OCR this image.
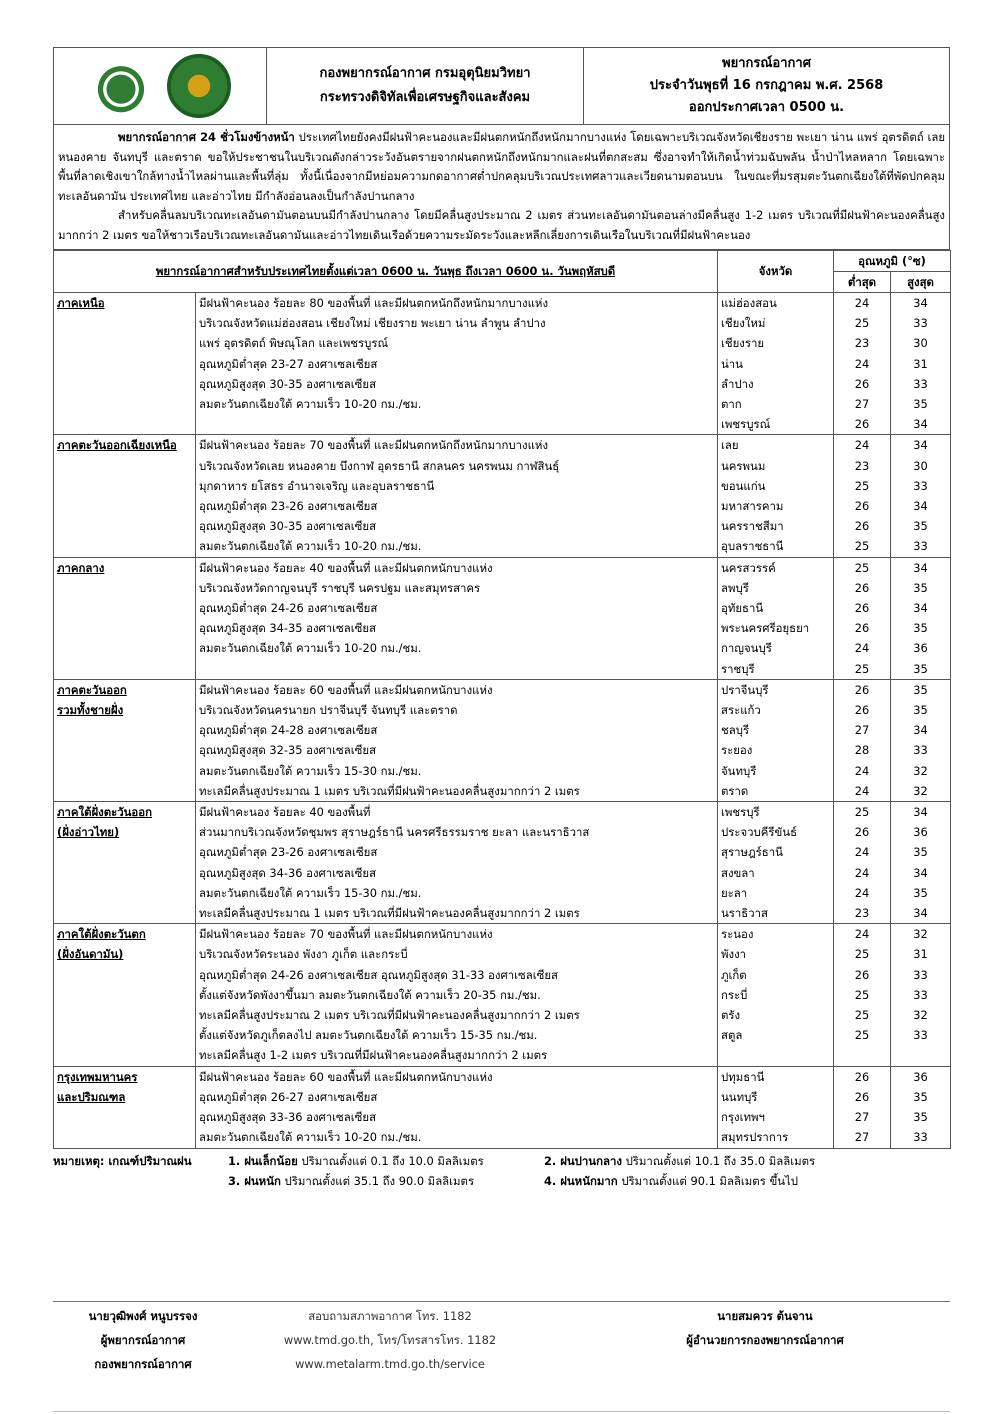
กองพยากรณ์อากาศ กรมอุตุนิยมวิทยา
กระทรวงดิจิทัลเพื่อเศรษฐกิจและสังคม
พยากรณ์อากาศ
ประจำวันพุธที่ 16 กรกฎาคม พ.ศ. 2568
ออกประกาศเวลา 0500 น.

พยากรณ์อากาศ 24 ชั่วโมงข้างหน้า ประเทศไทยยังคงมีฝนฟ้าคะนองและมีฝนตกหนักถึงหนักมากบางแห่ง โดยเฉพาะบริเวณจังหวัดเชียงราย พะเยา น่าน แพร่ อุตรดิตถ์ เลย หนองคาย จันทบุรี และตราด ขอให้ประชาชนในบริเวณดังกล่าวระวังอันตรายจากฝนตกหนักถึงหนักมากและฝนที่ตกสะสม ซึ่งอาจทำให้เกิดน้ำท่วมฉับพลัน น้ำป่าไหลหลาก โดยเฉพาะพื้นที่ลาดเชิงเขาใกล้ทางน้ำไหลผ่านและพื้นที่ลุ่ม ทั้งนี้เนื่องจากมีหย่อมความกดอากาศต่ำปกคลุมบริเวณประเทศลาวและเวียดนามตอนบน ในขณะที่มรสุมตะวันตกเฉียงใต้ที่พัดปกคลุมทะเลอันดามัน ประเทศไทย และอ่าวไทย มีกำลังอ่อนลงเป็นกำลังปานกลาง

สำหรับคลื่นลมบริเวณทะเลอันดามันตอนบนมีกำลังปานกลาง โดยมีคลื่นสูงประมาณ 2 เมตร ส่วนทะเลอันดามันตอนล่างมีคลื่นสูง 1-2 เมตร บริเวณที่มีฝนฟ้าคะนองคลื่นสูงมากกว่า 2 เมตร ขอให้ชาวเรือบริเวณทะเลอันดามันและอ่าวไทยเดินเรือด้วยความระมัดระวังและหลีกเลี่ยงการเดินเรือในบริเวณที่มีฝนฟ้าคะนอง

พยากรณ์อากาศสำหรับประเทศไทยตั้งแต่เวลา 0600 น. วันพุธ ถึงเวลา 0600 น. วันพฤหัสบดี		จังหวัด	อุณหภูมิ (°ซ)	
			ต่ำสุด	สูงสุด
ภาคเหนือ	มีฝนฟ้าคะนอง ร้อยละ 80 ของพื้นที่ และมีฝนตกหนักถึงหนักมากบางแห่ง	แม่ฮ่องสอน	24	34
	บริเวณจังหวัดแม่ฮ่องสอน เชียงใหม่ เชียงราย พะเยา น่าน ลำพูน ลำปาง	เชียงใหม่	25	33
	แพร่ อุตรดิตถ์ พิษณุโลก และเพชรบูรณ์	เชียงราย	23	30
	อุณหภูมิต่ำสุด 23-27 องศาเซลเซียส	น่าน	24	31
	อุณหภูมิสูงสุด 30-35 องศาเซลเซียส	ลำปาง	26	33
	ลมตะวันตกเฉียงใต้ ความเร็ว 10-20 กม./ชม.	ตาก	27	35
		เพชรบูรณ์	26	34
ภาคตะวันออกเฉียงเหนือ	มีฝนฟ้าคะนอง ร้อยละ 70 ของพื้นที่ และมีฝนตกหนักถึงหนักมากบางแห่ง	เลย	24	34
	บริเวณจังหวัดเลย หนองคาย บึงกาฬ อุดรธานี สกลนคร นครพนม กาฬสินธุ์	นครพนม	23	30
	มุกดาหาร ยโสธร อำนาจเจริญ และอุบลราชธานี	ขอนแก่น	25	33
	อุณหภูมิต่ำสุด 23-26 องศาเซลเซียส	มหาสารคาม	26	34
	อุณหภูมิสูงสุด 30-35 องศาเซลเซียส	นครราชสีมา	26	35
	ลมตะวันตกเฉียงใต้ ความเร็ว 10-20 กม./ชม.	อุบลราชธานี	25	33
ภาคกลาง	มีฝนฟ้าคะนอง ร้อยละ 40 ของพื้นที่ และมีฝนตกหนักบางแห่ง	นครสวรรค์	25	34
	บริเวณจังหวัดกาญจนบุรี ราชบุรี นครปฐม และสมุทรสาคร	ลพบุรี	26	35
	อุณหภูมิต่ำสุด 24-26 องศาเซลเซียส	อุทัยธานี	26	34
	อุณหภูมิสูงสุด 34-35 องศาเซลเซียส	พระนครศรีอยุธยา	26	35
	ลมตะวันตกเฉียงใต้ ความเร็ว 10-20 กม./ชม.	กาญจนบุรี	24	36
		ราชบุรี	25	35
ภาคตะวันออก	มีฝนฟ้าคะนอง ร้อยละ 60 ของพื้นที่ และมีฝนตกหนักบางแห่ง	ปราจีนบุรี	26	35
รวมทั้งชายฝั่ง	บริเวณจังหวัดนครนายก ปราจีนบุรี จันทบุรี และตราด	สระแก้ว	26	35
	อุณหภูมิต่ำสุด 24-28 องศาเซลเซียส	ชลบุรี	27	34
	อุณหภูมิสูงสุด 32-35 องศาเซลเซียส	ระยอง	28	33
	ลมตะวันตกเฉียงใต้ ความเร็ว 15-30 กม./ชม.	จันทบุรี	24	32
	ทะเลมีคลื่นสูงประมาณ 1 เมตร บริเวณที่มีฝนฟ้าคะนองคลื่นสูงมากกว่า 2 เมตร	ตราด	24	32
ภาคใต้ฝั่งตะวันออก	มีฝนฟ้าคะนอง ร้อยละ 40 ของพื้นที่	เพชรบุรี	25	34
(ฝั่งอ่าวไทย)	ส่วนมากบริเวณจังหวัดชุมพร สุราษฎร์ธานี นครศรีธรรมราช ยะลา และนราธิวาส	ประจวบคีรีขันธ์	26	36
	อุณหภูมิต่ำสุด 23-26 องศาเซลเซียส	สุราษฎร์ธานี	24	35
	อุณหภูมิสูงสุด 34-36 องศาเซลเซียส	สงขลา	24	34
	ลมตะวันตกเฉียงใต้ ความเร็ว 15-30 กม./ชม.	ยะลา	24	35
	ทะเลมีคลื่นสูงประมาณ 1 เมตร บริเวณที่มีฝนฟ้าคะนองคลื่นสูงมากกว่า 2 เมตร	นราธิวาส	23	34
ภาคใต้ฝั่งตะวันตก	มีฝนฟ้าคะนอง ร้อยละ 70 ของพื้นที่ และมีฝนตกหนักบางแห่ง	ระนอง	24	32
(ฝั่งอันดามัน)	บริเวณจังหวัดระนอง พังงา ภูเก็ต และกระบี่	พังงา	25	31
	อุณหภูมิต่ำสุด 24-26 องศาเซลเซียส อุณหภูมิสูงสุด 31-33 องศาเซลเซียส	ภูเก็ต	26	33
	ตั้งแต่จังหวัดพังงาขึ้นมา ลมตะวันตกเฉียงใต้ ความเร็ว 20-35 กม./ชม.	กระบี่	25	33
	ทะเลมีคลื่นสูงประมาณ 2 เมตร บริเวณที่มีฝนฟ้าคะนองคลื่นสูงมากกว่า 2 เมตร	ตรัง	25	32
	ตั้งแต่จังหวัดภูเก็ตลงไป ลมตะวันตกเฉียงใต้ ความเร็ว 15-35 กม./ชม.	สตูล	25	33
	ทะเลมีคลื่นสูง 1-2 เมตร บริเวณที่มีฝนฟ้าคะนองคลื่นสูงมากกว่า 2 เมตร			
กรุงเทพมหานคร	มีฝนฟ้าคะนอง ร้อยละ 60 ของพื้นที่ และมีฝนตกหนักบางแห่ง	ปทุมธานี	26	36
และปริมณฑล	อุณหภูมิต่ำสุด 26-27 องศาเซลเซียส	นนทบุรี	26	35
	อุณหภูมิสูงสุด 33-36 องศาเซลเซียส	กรุงเทพฯ	27	35
	ลมตะวันตกเฉียงใต้ ความเร็ว 10-20 กม./ชม.	สมุทรปราการ	27	33
หมายเหตุ: เกณฑ์ปริมาณฝน	1. ฝนเล็กน้อย ปริมาณตั้งแต่ 0.1 ถึง 10.0 มิลลิเมตร	2. ฝนปานกลาง ปริมาณตั้งแต่ 10.1 ถึง 35.0 มิลลิเมตร
3. ฝนหนัก ปริมาณตั้งแต่ 35.1 ถึง 90.0 มิลลิเมตร	4. ฝนหนักมาก ปริมาณตั้งแต่ 90.1 มิลลิเมตร ขึ้นไป
นายวุฒิพงศ์ หนูบรรจง
ผู้พยากรณ์อากาศ
กองพยากรณ์อากาศ
สอบถามสภาพอากาศ โทร. 1182
www.tmd.go.th, โทร/โทรสารโทร. 1182
www.metalarm.tmd.go.th/service
นายสมควร ต้นจาน
ผู้อำนวยการกองพยากรณ์อากาศ
